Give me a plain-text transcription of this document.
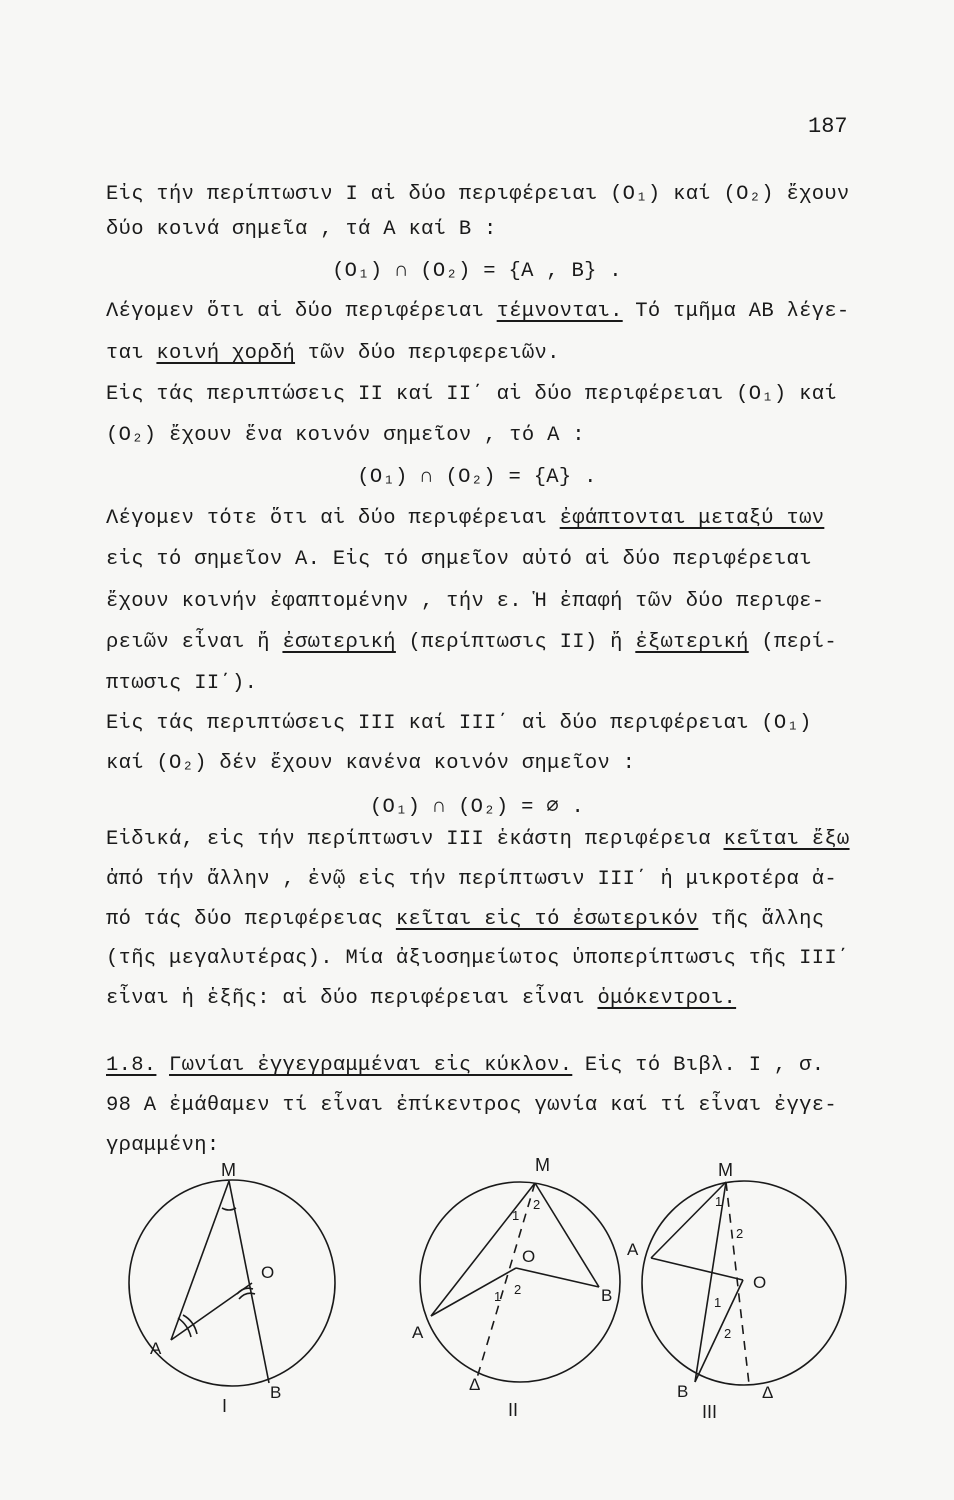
187
Εἰς τήν περίπτωσιν Ι αἱ δύο περιφέρειαι (O₁) καί (O₂) ἔχουν
δύο κοινά σημεῖα , τά Α καί Β :
(O₁) ∩ (O₂) = {A , B} .
Λέγομεν ὅτι αἱ δύο περιφέρειαι τέμνονται. Τό τμῆμα ΑΒ λέγε-
ται κοινή χορδή τῶν δύο περιφερειῶν.
Εἰς τάς περιπτώσεις ΙΙ καί ΙΙ΄ αἱ δύο περιφέρειαι (O₁) καί
(O₂) ἔχουν ἕνα κοινόν σημεῖον , τό Α :
(O₁) ∩ (O₂) = {A} .
Λέγομεν τότε ὅτι αἱ δύο περιφέρειαι ἐφάπτονται μεταξύ των
εἰς τό σημεῖον Α. Εἰς τό σημεῖον αὐτό αἱ δύο περιφέρειαι
ἔχουν κοινήν ἐφαπτομένην , τήν ε. Ἡ ἐπαφή τῶν δύο περιφε-
ρειῶν εἶναι ἤ ἐσωτερική (περίπτωσις ΙΙ) ἤ ἐξωτερική (περί-
πτωσις ΙΙ΄).
Εἰς τάς περιπτώσεις ΙΙΙ καί ΙΙΙ΄ αἱ δύο περιφέρειαι (O₁)
καί (O₂) δέν ἔχουν κανένα κοινόν σημεῖον :
(O₁) ∩ (O₂) = ∅ .
Εἰδικά, εἰς τήν περίπτωσιν ΙΙΙ ἑκάστη περιφέρεια κεῖται ἔξω
ἀπό τήν ἄλλην , ἐνῷ εἰς τήν περίπτωσιν ΙΙΙ΄ ἡ μικροτέρα ἀ-
πό τάς δύο περιφέρειας κεῖται εἰς τό ἐσωτερικόν τῆς ἄλλης
(τῆς μεγαλυτέρας). Μία ἀξιοσημείωτος ὑποπερίπτωσις τῆς ΙΙΙ΄
εἶναι ἡ ἑξῆς: αἱ δύο περιφέρειαι εἶναι ὁμόκεντροι.
1.8. Γωνίαι ἐγγεγραμμέναι εἰς κύκλον. Εἰς τό Βιβλ. Ι , σ.
98 Α ἐμάθαμεν τί εἶναι ἐπίκεντρος γωνία καί τί εἶναι ἐγγε-
γραμμένη:
Μ
O
A
B
I
Μ
O
A
B
Δ
1
2
1 2
II
Μ
O
A
B	Δ
1
2
1
2
III
